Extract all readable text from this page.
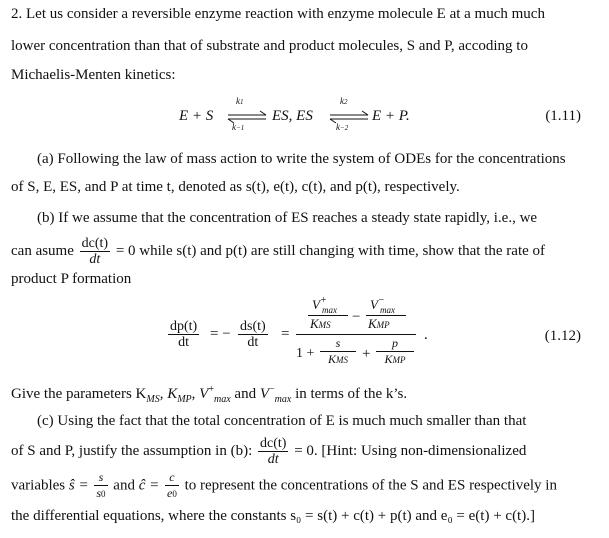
2. Let us consider a reversible enzyme reaction with enzyme molecule E at a much much
lower concentration than that of substrate and product molecules, S and P, accoding to
Michaelis-Menten kinetics:
E + S
k1
k−1
ES, ES
k2
k−2
E + P.	(1.11)
(a) Following the law of mass action to write the system of ODEs for the concentrations
of S, E, ES, and P at time t, denoted as s(t), e(t), c(t), and p(t), respectively.
(b) If we assume that the concentration of ES reaches a steady state rapidly, i.e., we
can asume $\frac{dc(t)}{dt} = 0$ while s(t) and p(t) are still changing with time, show that the rate of
product P formation
$\frac{dp(t)}{dt}$ = − $\frac{ds(t)}{dt}$ =
V+
max
KMS −
V−
max
KMP
1 +
s
KMS +
p
KMP
.	(1.12)
Give the parameters $K_{MS}$, $K_{MP}$, $V^+_{max}$ and $V^-_{max}$ in terms of the k’s.
(c) Using the fact that the total concentration of E is much much smaller than that
of S and P, justify the assumption in (b): $\frac{dc(t)}{dt} = 0$. [Hint: Using non-dimensionalized
variables ŝ = $\frac{s}{s0}$ and ĉ = $\frac{c}{e0}$ to represent the concentrations of the S and ES respectively in
the differential equations, where the constants s₀ = s(t) + c(t) + p(t) and e₀ = e(t) + c(t).]
